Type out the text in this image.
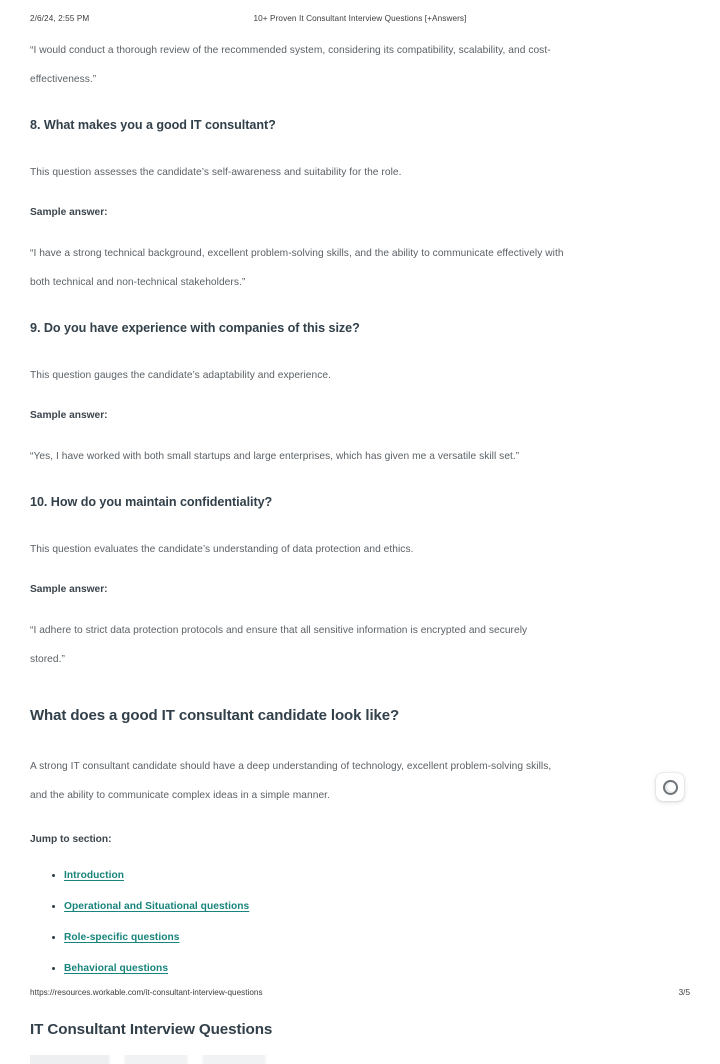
2/6/24, 2:55 PM	10+ Proven It Consultant Interview Questions [+Answers]

“I would conduct a thorough review of the recommended system, considering its compatibility, scalability, and cost-

effectiveness.”

8. What makes you a good IT consultant?

This question assesses the candidate’s self-awareness and suitability for the role.

Sample answer:

“I have a strong technical background, excellent problem-solving skills, and the ability to communicate effectively with

both technical and non-technical stakeholders.”

9. Do you have experience with companies of this size?

This question gauges the candidate’s adaptability and experience.

Sample answer:

“Yes, I have worked with both small startups and large enterprises, which has given me a versatile skill set.”

10. How do you maintain confidentiality?

This question evaluates the candidate’s understanding of data protection and ethics.

Sample answer:

“I adhere to strict data protection protocols and ensure that all sensitive information is encrypted and securely

stored.”

What does a good IT consultant candidate look like?

A strong IT consultant candidate should have a deep understanding of technology, excellent problem-solving skills,

and the ability to communicate complex ideas in a simple manner.

Jump to section:

Introduction
Operational and Situational questions
Role-specific questions
Behavioral questions
IT Consultant Interview Questions
https://resources.workable.com/it-consultant-interview-questions	3/5
